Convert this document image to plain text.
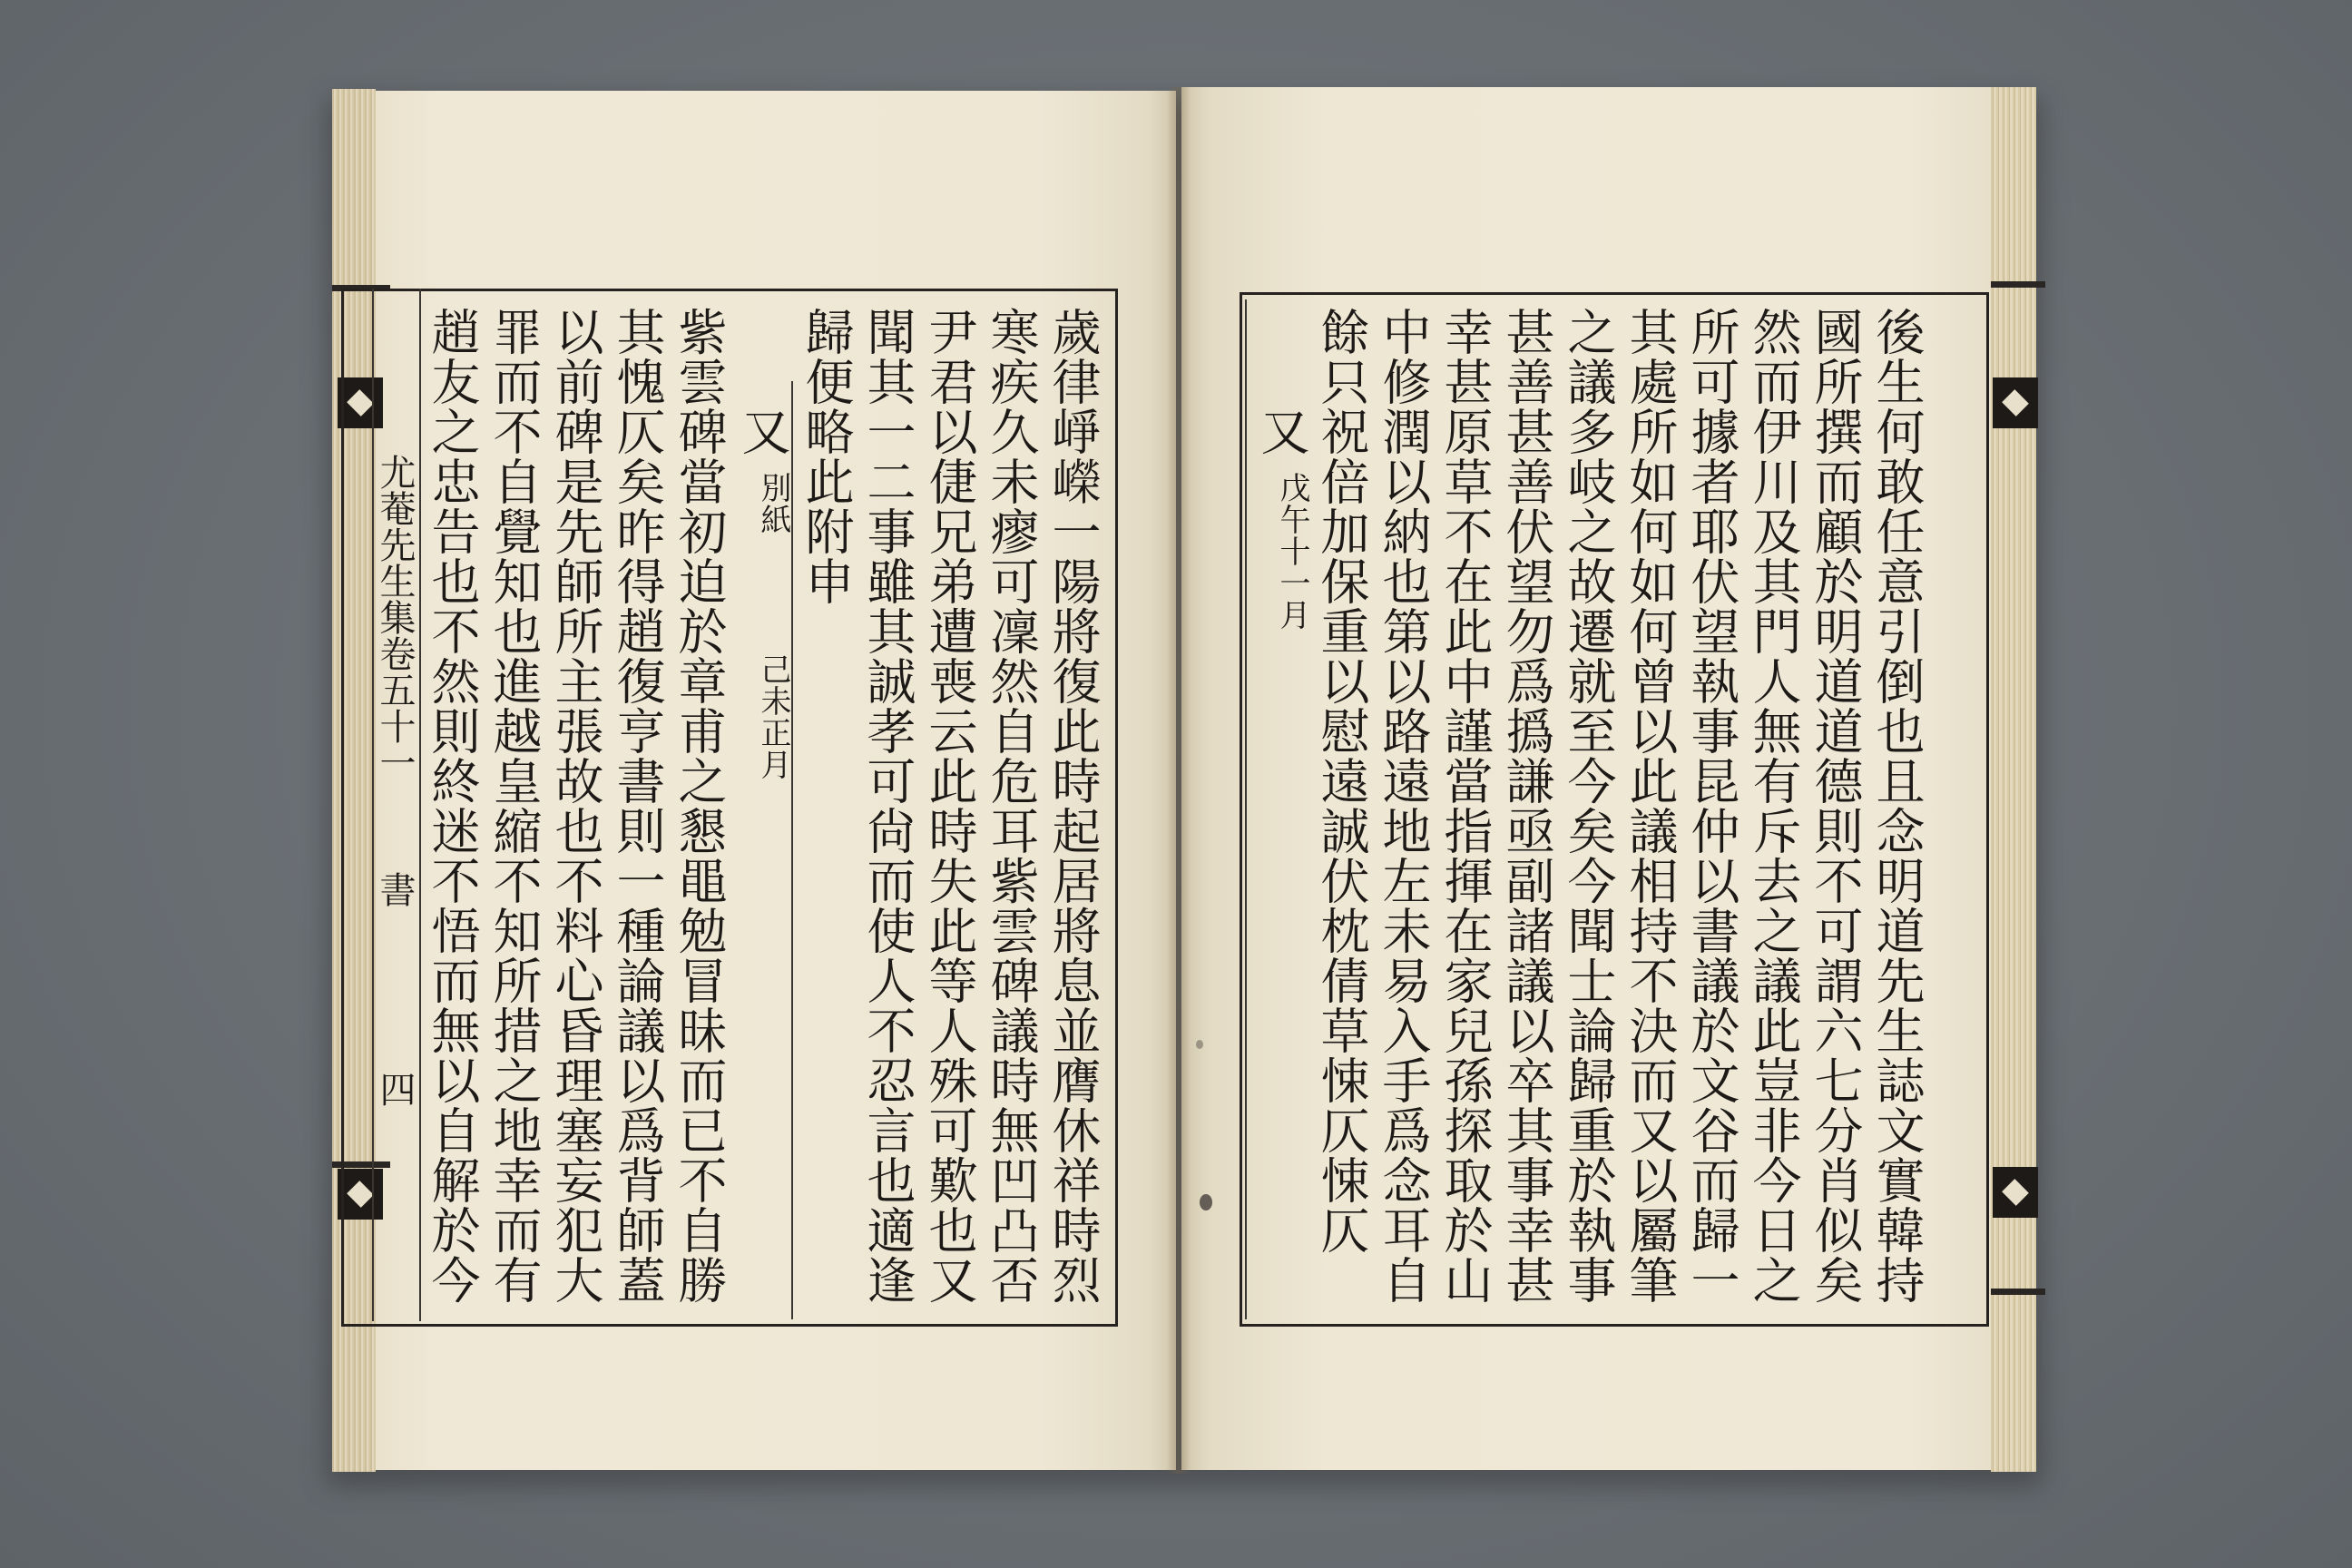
尤菴先生集卷五十一
書
四 趙友之忠告也不然則終迷不悟而無以自解於今 罪而不自覺知也進越皇縮不知所措之地幸而有 以前碑是先師所主張故也不料心昏理塞妄犯大 其愧仄矣昨得趙復亨書則一種論議以爲背師蓋 紫雲碑當初迫於章甫之懇黽勉冒昧而已不自勝 又
別紙
己未正月
歸便略此附申 聞其一二事雖其誠孝可尙而使人不忍言也適逢 尹君以倢兄弟遭喪云此時失此等人殊可歎也又 寒疾久未瘳可凜然自危耳紫雲碑議時無凹凸否 歲律崢嶸一陽將復此時起居將息並膺休祥時烈	又
戊午十一月 餘只祝倍加保重以慰遠誠伏枕倩草悚仄悚仄 中修潤以納也第以路遠地左未易入手爲念耳自 幸甚原草不在此中謹當指揮在家兒孫探取於山 甚善甚善伏望勿爲撝謙亟副諸議以卒其事幸甚 之議多岐之故遷就至今矣今聞士論歸重於執事 其處所如何如何曾以此議相持不決而又以屬筆 所可據者耶伏望執事昆仲以書議於文谷而歸一 然而伊川及其門人無有斥去之議此豈非今日之 國所撰而顧於明道道德則不可謂六七分肖似矣 後生何敢任意引倒也且念明道先生誌文實韓持
